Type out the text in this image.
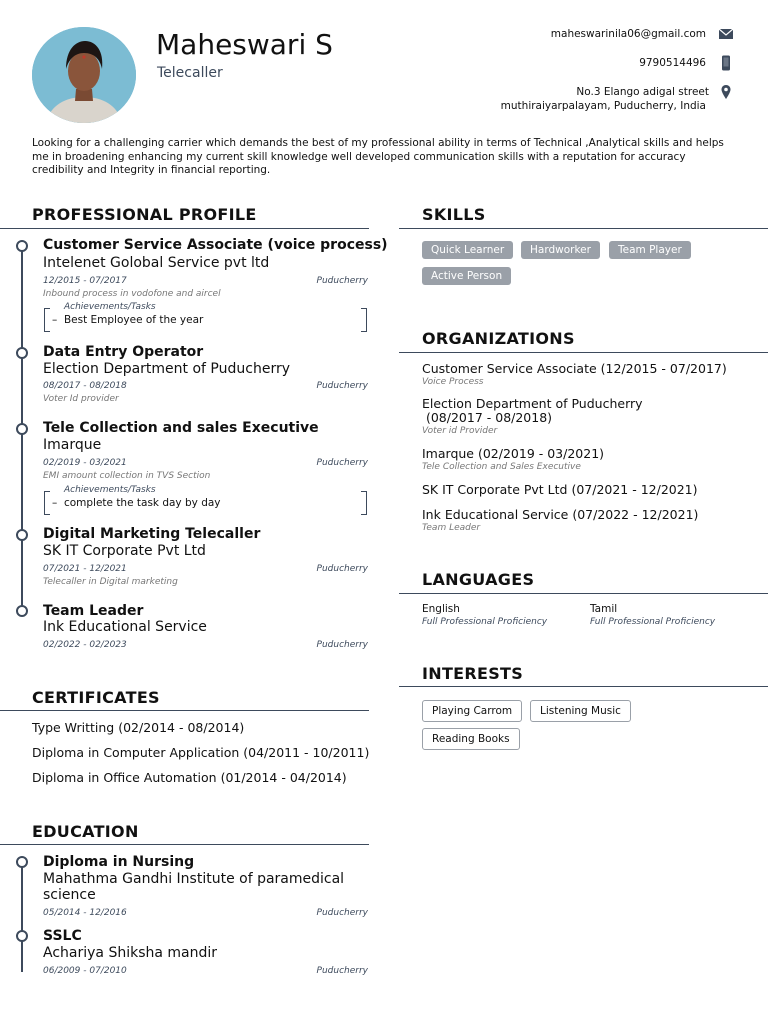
Maheswari S
Telecaller
maheswarinila06@gmail.com
9790514496
No.3 Elango adigal street
muthiraiyarpalayam, Puducherry, India
Looking for a challenging carrier which demands the best of my professional ability in terms of Technical ,Analytical skills and helps me in broadening enhancing my current skill knowledge well developed communication skills with a reputation for accuracy credibility and Integrity in financial reporting.
PROFESSIONAL PROFILE
Customer Service Associate (voice process)
Intelenet Golobal Service pvt ltd
12/2015 - 07/2017	Puducherry
Inbound process in vodofone and aircel
Achievements/Tasks
–  Best Employee of the year
Data Entry Operator
Election Department of Puducherry
08/2017 - 08/2018	Puducherry
Voter Id provider
Tele Collection and sales Executive
Imarque
02/2019 - 03/2021	Puducherry
EMI amount collection in TVS Section
Achievements/Tasks
–  complete the task day by day
Digital Marketing Telecaller
SK IT Corporate Pvt Ltd
07/2021 - 12/2021	Puducherry
Telecaller in Digital marketing
Team Leader
Ink Educational Service
02/2022 - 02/2023	Puducherry
CERTIFICATES
Type Writting (02/2014 - 08/2014)
Diploma in Computer Application (04/2011 - 10/2011)
Diploma in Office Automation (01/2014 - 04/2014)
EDUCATION
Diploma in Nursing
Mahathma Gandhi Institute of paramedical
science
05/2014 - 12/2016	Puducherry
SSLC
Achariya Shiksha mandir
06/2009 - 07/2010	Puducherry
SKILLS
Quick Learner	Hardworker	Team Player
Active Person
ORGANIZATIONS
Customer Service Associate (12/2015 - 07/2017)
Voice Process
Election Department of Puducherry
(08/2017 - 08/2018)
Voter id Provider
Imarque (02/2019 - 03/2021)
Tele Collection and Sales Executive
SK IT Corporate Pvt Ltd (07/2021 - 12/2021)
Ink Educational Service (07/2022 - 12/2021)
Team Leader
LANGUAGES
English
Full Professional Proficiency
Tamil
Full Professional Proficiency
INTERESTS
Playing Carrom	Listening Music
Reading Books
